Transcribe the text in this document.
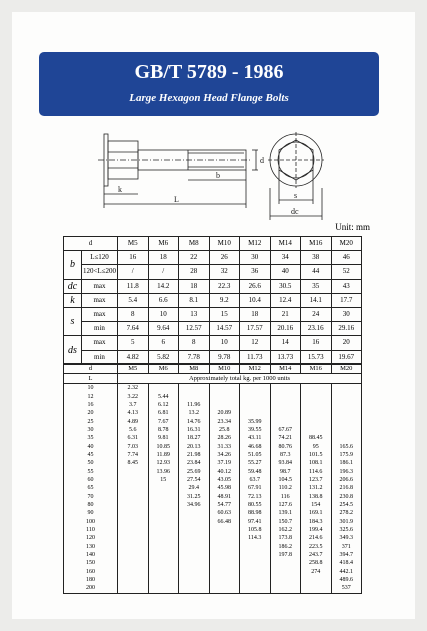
GB/T 5789 - 1986
Large Hexagon Head Flange Bolts
b
L
k
d
s
dc
Unit: mm
d		M5	M6	M8	M10	M12	M14	M16	M20
b	L≤120	16	18	22	26	30	34	38	46
	120<L≤200	/	/	28	32	36	40	44	52
dc	max	11.8	14.2	18	22.3	26.6	30.5	35	43
k	max	5.4	6.6	8.1	9.2	10.4	12.4	14.1	17.7
s	max	8	10	13	15	18	21	24	30
	min	7.64	9.64	12.57	14.57	17.57	20.16	23.16	29.16
ds	max	5	6	8	10	12	14	16	20
	min	4.82	5.82	7.78	9.78	11.73	13.73	15.73	19.67
d	M5	M6	M8	M10	M12	M14	M16	M20
L	Approximately total kg. per 1000 units							
10	2.32							
12	3.22	5.44						
16	3.7	6.12	11.96					
20	4.13	6.81	13.2	20.89				
25	4.89	7.67	14.76	23.34	35.99			
30	5.6	8.78	16.31	25.8	39.55	67.67		
35	6.31	9.81	18.27	28.26	43.11	74.21	88.45	
40	7.03	10.85	20.13	31.33	46.68	80.76	95	165.6
45	7.74	11.89	21.98	34.26	51.05	87.3	101.5	175.9
50	8.45	12.93	23.84	37.19	55.27	93.84	108.1	186.1
55		13.96	25.69	40.12	59.48	98.7	114.6	196.3
60		15	27.54	43.05	63.7	104.5	123.7	206.6
65			29.4	45.98	67.91	110.2	131.2	216.8
70			31.25	48.91	72.13	116	138.8	230.8
80			34.96	54.77	80.55	127.6	154	254.5
90				60.63	88.98	139.1	169.1	278.2
100				66.48	97.41	150.7	184.3	301.9
110					105.8	162.2	199.4	325.6
120					114.3	173.8	214.6	349.3
130						186.2	223.5	371
140						197.8	243.7	394.7
150							258.8	418.4
160							274	442.1
180								489.6
200								537
